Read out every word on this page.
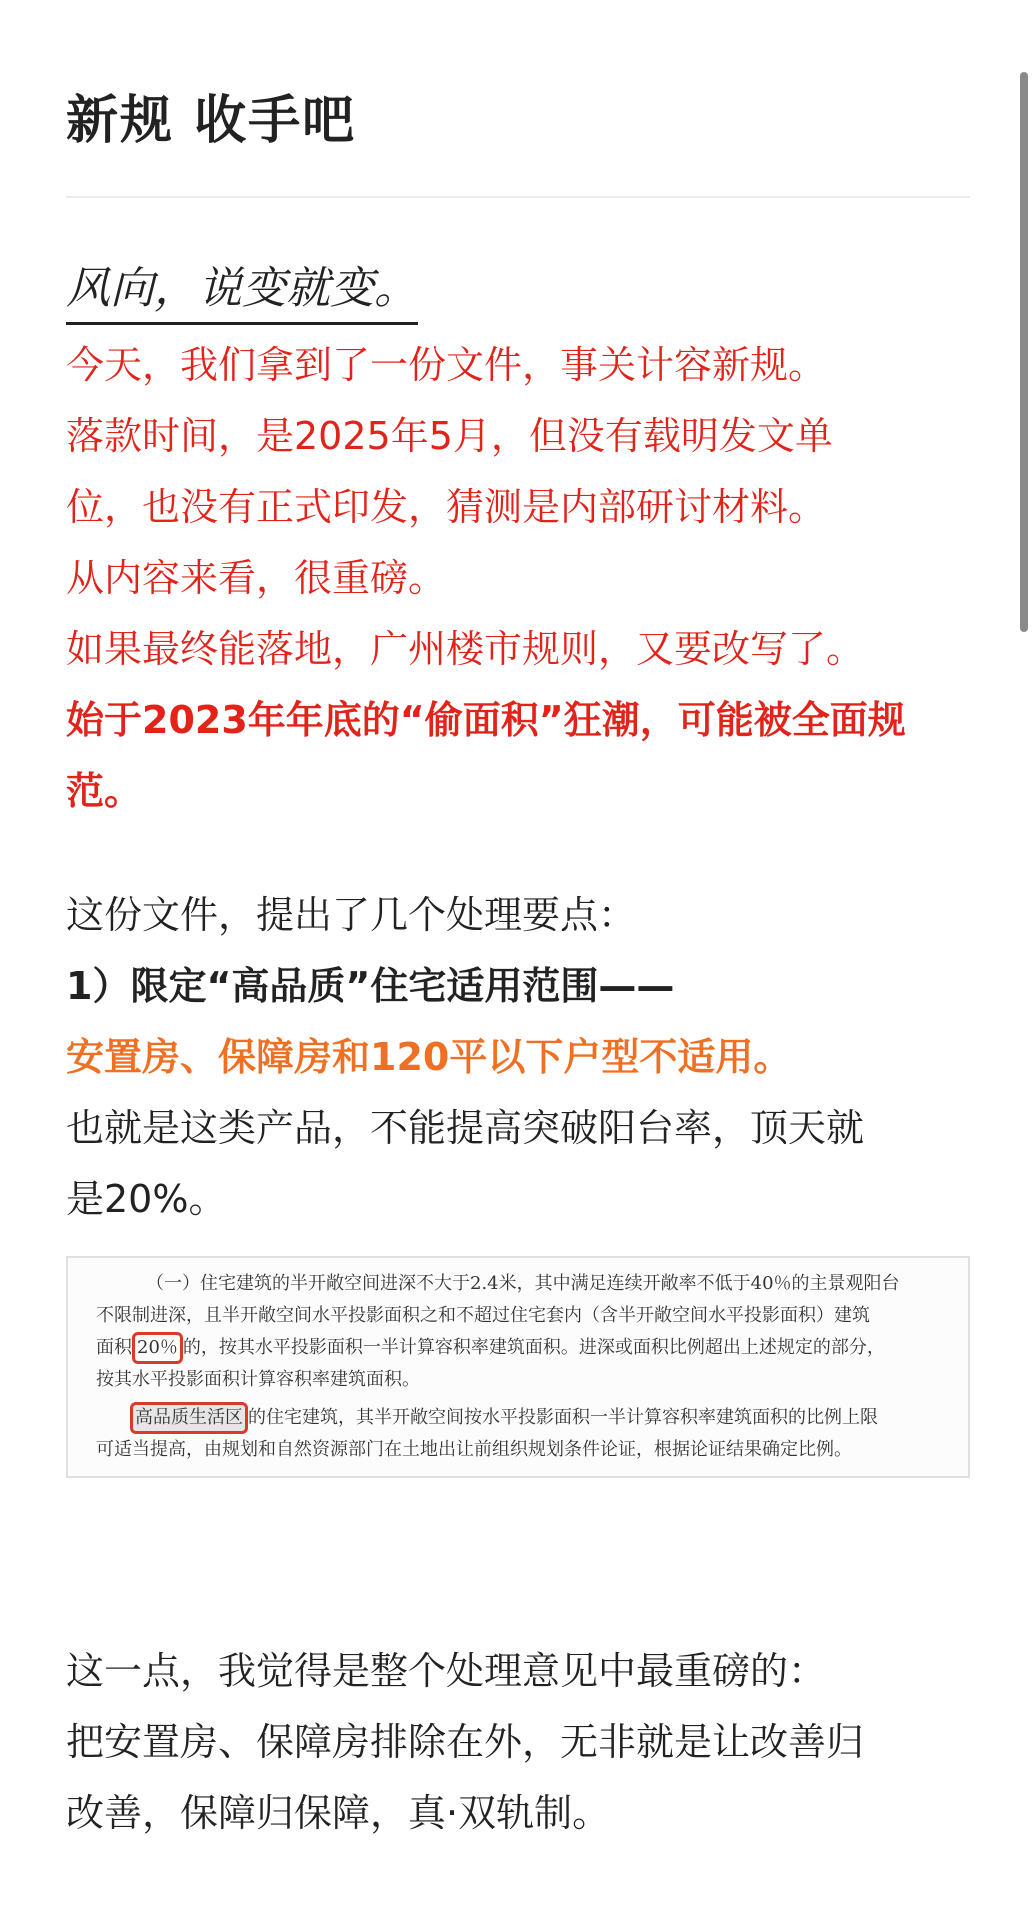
新规 收手吧
风向，说变就变。
今天，我们拿到了一份文件，事关计容新规。
落款时间，是2025年5月，但没有载明发文单
位，也没有正式印发，猜测是内部研讨材料。
从内容来看，很重磅。
如果最终能落地，广州楼市规则，又要改写了。
始于2023年年底的“偷面积”狂潮，可能被全面规
范。
这份文件，提出了几个处理要点：
1）限定“高品质”住宅适用范围——
安置房、保障房和120平以下户型不适用。
也就是这类产品，不能提高突破阳台率，顶天就
是20%。
（一）住宅建筑的半开敞空间进深不大于2.4米，其中满足连续开敞率不低于40％的主景观阳台
不限制进深，且半开敞空间水平投影面积之和不超过住宅套内（含半开敞空间水平投影面积）建筑
面积 20％ 的，按其水平投影面积一半计算容积率建筑面积。进深或面积比例超出上述规定的部分，
按其水平投影面积计算容积率建筑面积。
高品质生活区 的住宅建筑，其半开敞空间按水平投影面积一半计算容积率建筑面积的比例上限
可适当提高，由规划和自然资源部门在土地出让前组织规划条件论证，根据论证结果确定比例。
这一点，我觉得是整个处理意见中最重磅的：
把安置房、保障房排除在外，无非就是让改善归
改善，保障归保障，真·双轨制。
